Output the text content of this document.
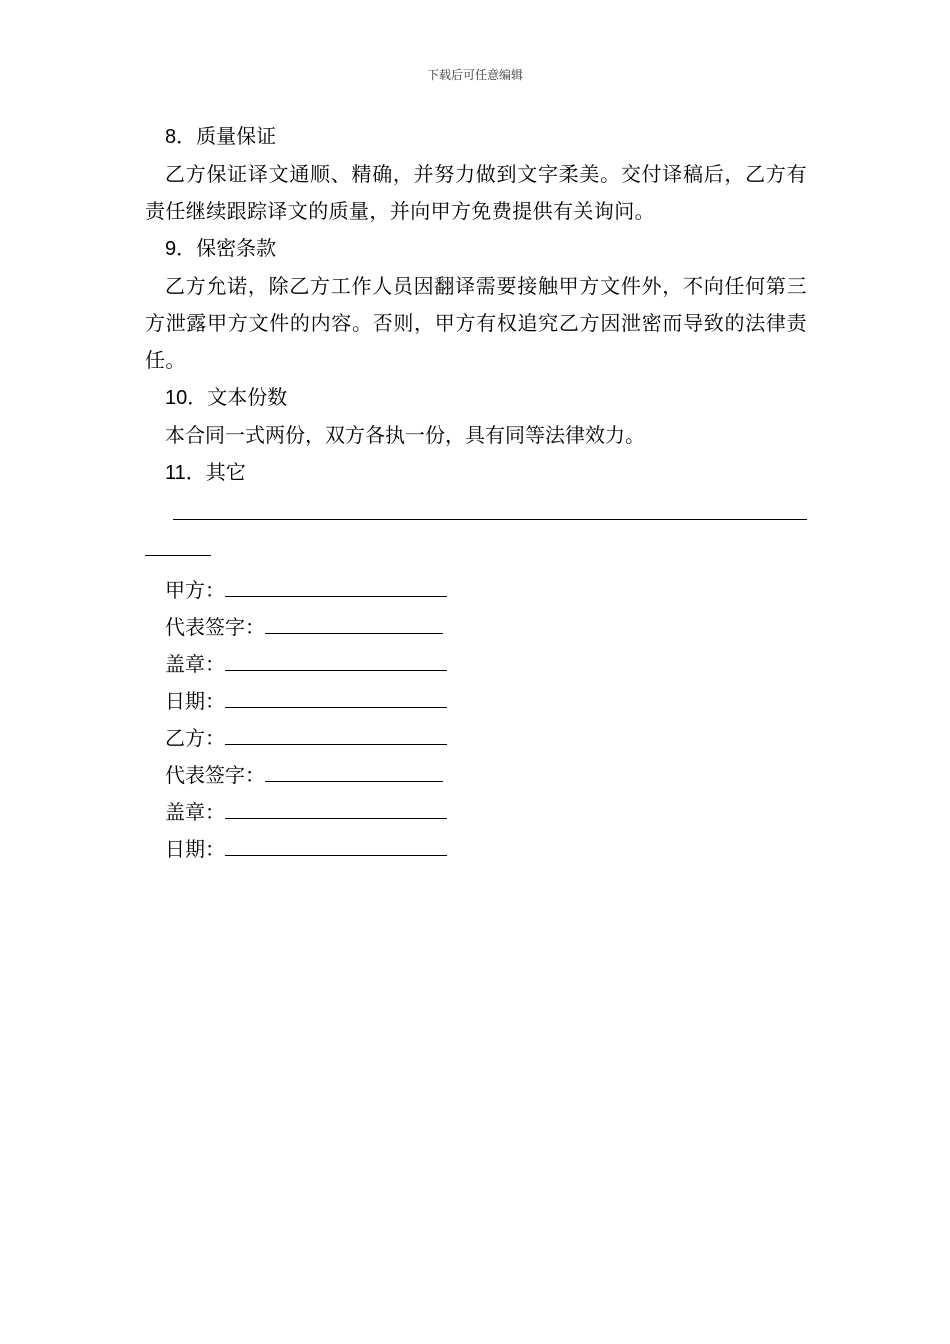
下载后可任意编辑
8．质量保证
乙方保证译文通顺、精确，并努力做到文字柔美。交付译稿后，乙方有责任继续跟踪译文的质量，并向甲方免费提供有关询问。
9．保密条款
乙方允诺，除乙方工作人员因翻译需要接触甲方文件外，不向任何第三方泄露甲方文件的内容。否则，甲方有权追究乙方因泄密而导致的法律责任。
10．文本份数
本合同一式两份，双方各执一份，具有同等法律效力。
11．其它
甲方：
代表签字：
盖章：
日期：
乙方：
代表签字：
盖章：
日期：
